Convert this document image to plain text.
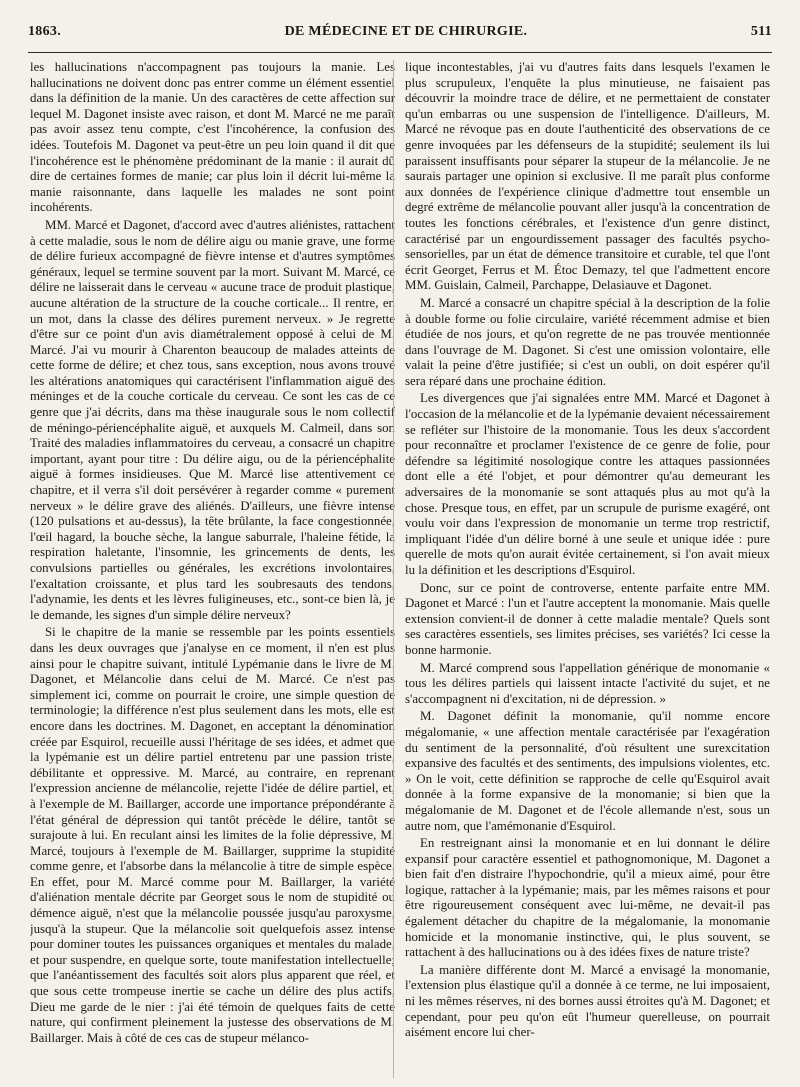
1863.	DE MÉDECINE ET DE CHIRURGIE.	511

les hallucinations n'accompagnent pas toujours la manie. Les hallucinations ne doivent donc pas entrer comme un élément essentiel dans la définition de la manie. Un des caractères de cette affection sur lequel M. Dagonet insiste avec raison, et dont M. Marcé ne me paraît pas avoir assez tenu compte, c'est l'incohérence, la confusion des idées. Toutefois M. Dagonet va peut-être un peu loin quand il dit que l'incohérence est le phénomène prédominant de la manie : il aurait dû dire de certaines formes de manie; car plus loin il décrit lui-même la manie raisonnante, dans laquelle les malades ne sont point incohérents.

MM. Marcé et Dagonet, d'accord avec d'autres aliénistes, rattachent à cette maladie, sous le nom de délire aigu ou manie grave, une forme de délire furieux accompagné de fièvre intense et d'autres symptômes généraux, lequel se termine souvent par la mort. Suivant M. Marcé, ce délire ne laisserait dans le cerveau « aucune trace de produit plastique, aucune altération de la structure de la couche corticale... Il rentre, en un mot, dans la classe des délires purement nerveux. » Je regrette d'être sur ce point d'un avis diamétralement opposé à celui de M. Marcé. J'ai vu mourir à Charenton beaucoup de malades atteints de cette forme de délire; et chez tous, sans exception, nous avons trouvé les altérations anatomiques qui caractérisent l'inflammation aiguë des méninges et de la couche corticale du cerveau. Ce sont les cas de ce genre que j'ai décrits, dans ma thèse inaugurale sous le nom collectif de méningo-périencéphalite aiguë, et auxquels M. Calmeil, dans son Traité des maladies inflammatoires du cerveau, a consacré un chapitre important, ayant pour titre : Du délire aigu, ou de la périencéphalite aiguë à formes insidieuses. Que M. Marcé lise attentivement ce chapitre, et il verra s'il doit persévérer à regarder comme « purement nerveux » le délire grave des aliénés. D'ailleurs, une fièvre intense (120 pulsations et au-dessus), la tête brûlante, la face congestionnée, l'œil hagard, la bouche sèche, la langue saburrale, l'haleine fétide, la respiration haletante, l'insomnie, les grincements de dents, les convulsions partielles ou générales, les excrétions involontaires, l'exaltation croissante, et plus tard les soubresauts des tendons, l'adynamie, les dents et les lèvres fuligineuses, etc., sont-ce bien là, je le demande, les signes d'un simple délire nerveux?

Si le chapitre de la manie se ressemble par les points essentiels dans les deux ouvrages que j'analyse en ce moment, il n'en est plus ainsi pour le chapitre suivant, intitulé Lypémanie dans le livre de M. Dagonet, et Mélancolie dans celui de M. Marcé. Ce n'est pas simplement ici, comme on pourrait le croire, une simple question de terminologie; la différence n'est plus seulement dans les mots, elle est encore dans les doctrines. M. Dagonet, en acceptant la dénomination créée par Esquirol, recueille aussi l'héritage de ses idées, et admet que la lypémanie est un délire partiel entretenu par une passion triste, débilitante et oppressive. M. Marcé, au contraire, en reprenant l'expression ancienne de mélancolie, rejette l'idée de délire partiel, et, à l'exemple de M. Baillarger, accorde une importance prépondérante à l'état général de dépression qui tantôt précède le délire, tantôt se surajoute à lui. En reculant ainsi les limites de la folie dépressive, M. Marcé, toujours à l'exemple de M. Baillarger, supprime la stupidité comme genre, et l'absorbe dans la mélancolie à titre de simple espèce. En effet, pour M. Marcé comme pour M. Baillarger, la variété d'aliénation mentale décrite par Georget sous le nom de stupidité ou démence aiguë, n'est que la mélancolie poussée jusqu'au paroxysme, jusqu'à la stupeur. Que la mélancolie soit quelquefois assez intense pour dominer toutes les puissances organiques et mentales du malade, et pour suspendre, en quelque sorte, toute manifestation intellectuelle; que l'anéantissement des facultés soit alors plus apparent que réel, et que sous cette trompeuse inertie se cache un délire des plus actifs, Dieu me garde de le nier : j'ai été témoin de quelques faits de cette nature, qui confirment pleinement la justesse des observations de M. Baillarger. Mais à côté de ces cas de stupeur mélanco-

lique incontestables, j'ai vu d'autres faits dans lesquels l'examen le plus scrupuleux, l'enquête la plus minutieuse, ne faisaient pas découvrir la moindre trace de délire, et ne permettaient de constater qu'un embarras ou une suspension de l'intelligence. D'ailleurs, M. Marcé ne révoque pas en doute l'authenticité des observations de ce genre invoquées par les défenseurs de la stupidité; seulement ils lui paraissent insuffisants pour séparer la stupeur de la mélancolie. Je ne saurais partager une opinion si exclusive. Il me paraît plus conforme aux données de l'expérience clinique d'admettre tout ensemble un degré extrême de mélancolie pouvant aller jusqu'à la concentration de toutes les fonctions cérébrales, et l'existence d'un genre distinct, caractérisé par un engourdissement passager des facultés psycho-sensorielles, par un état de démence transitoire et curable, tel que l'ont écrit Georget, Ferrus et M. Étoc Demazy, tel que l'admettent encore MM. Guislain, Calmeil, Parchappe, Delasiauve et Dagonet.

M. Marcé a consacré un chapitre spécial à la description de la folie à double forme ou folie circulaire, variété récemment admise et bien étudiée de nos jours, et qu'on regrette de ne pas trouvée mentionnée dans l'ouvrage de M. Dagonet. Si c'est une omission volontaire, elle valait la peine d'être justifiée; si c'est un oubli, on doit espérer qu'il sera réparé dans une prochaine édition.

Les divergences que j'ai signalées entre MM. Marcé et Dagonet à l'occasion de la mélancolie et de la lypémanie devaient nécessairement se refléter sur l'histoire de la monomanie. Tous les deux s'accordent pour reconnaître et proclamer l'existence de ce genre de folie, pour défendre sa légitimité nosologique contre les attaques passionnées dont elle a été l'objet, et pour démontrer qu'au demeurant les adversaires de la monomanie se sont attaqués plus au mot qu'à la chose. Presque tous, en effet, par un scrupule de purisme exagéré, ont voulu voir dans l'expression de monomanie un terme trop restrictif, impliquant l'idée d'un délire borné à une seule et unique idée : pure querelle de mots qu'on aurait évitée certainement, si l'on avait mieux lu la définition et les descriptions d'Esquirol.

Donc, sur ce point de controverse, entente parfaite entre MM. Dagonet et Marcé : l'un et l'autre acceptent la monomanie. Mais quelle extension convient-il de donner à cette maladie mentale? Quels sont ses caractères essentiels, ses limites précises, ses variétés? Ici cesse la bonne harmonie.

M. Marcé comprend sous l'appellation générique de monomanie « tous les délires partiels qui laissent intacte l'activité du sujet, et ne s'accompagnent ni d'excitation, ni de dépression. »

M. Dagonet définit la monomanie, qu'il nomme encore mégalomanie, « une affection mentale caractérisée par l'exagération du sentiment de la personnalité, d'où résultent une surexcitation expansive des facultés et des sentiments, des impulsions violentes, etc. » On le voit, cette définition se rapproche de celle qu'Esquirol avait donnée à la forme expansive de la monomanie; si bien que la mégalomanie de M. Dagonet et de l'école allemande n'est, sous un autre nom, que l'amémonanie d'Esquirol.

En restreignant ainsi la monomanie et en lui donnant le délire expansif pour caractère essentiel et pathognomonique, M. Dagonet a bien fait d'en distraire l'hypochondrie, qu'il a mieux aimé, pour être logique, rattacher à la lypémanie; mais, par les mêmes raisons et pour être rigoureusement conséquent avec lui-même, ne devait-il pas également détacher du chapitre de la mégalomanie, la monomanie homicide et la monomanie instinctive, qui, le plus souvent, se rattachent à des hallucinations ou à des idées fixes de nature triste?

La manière différente dont M. Marcé a envisagé la monomanie, l'extension plus élastique qu'il a donnée à ce terme, ne lui imposaient, ni les mêmes réserves, ni des bornes aussi étroites qu'à M. Dagonet; et cependant, pour peu qu'on eût l'humeur querelleuse, on pourrait aisément encore lui cher-
